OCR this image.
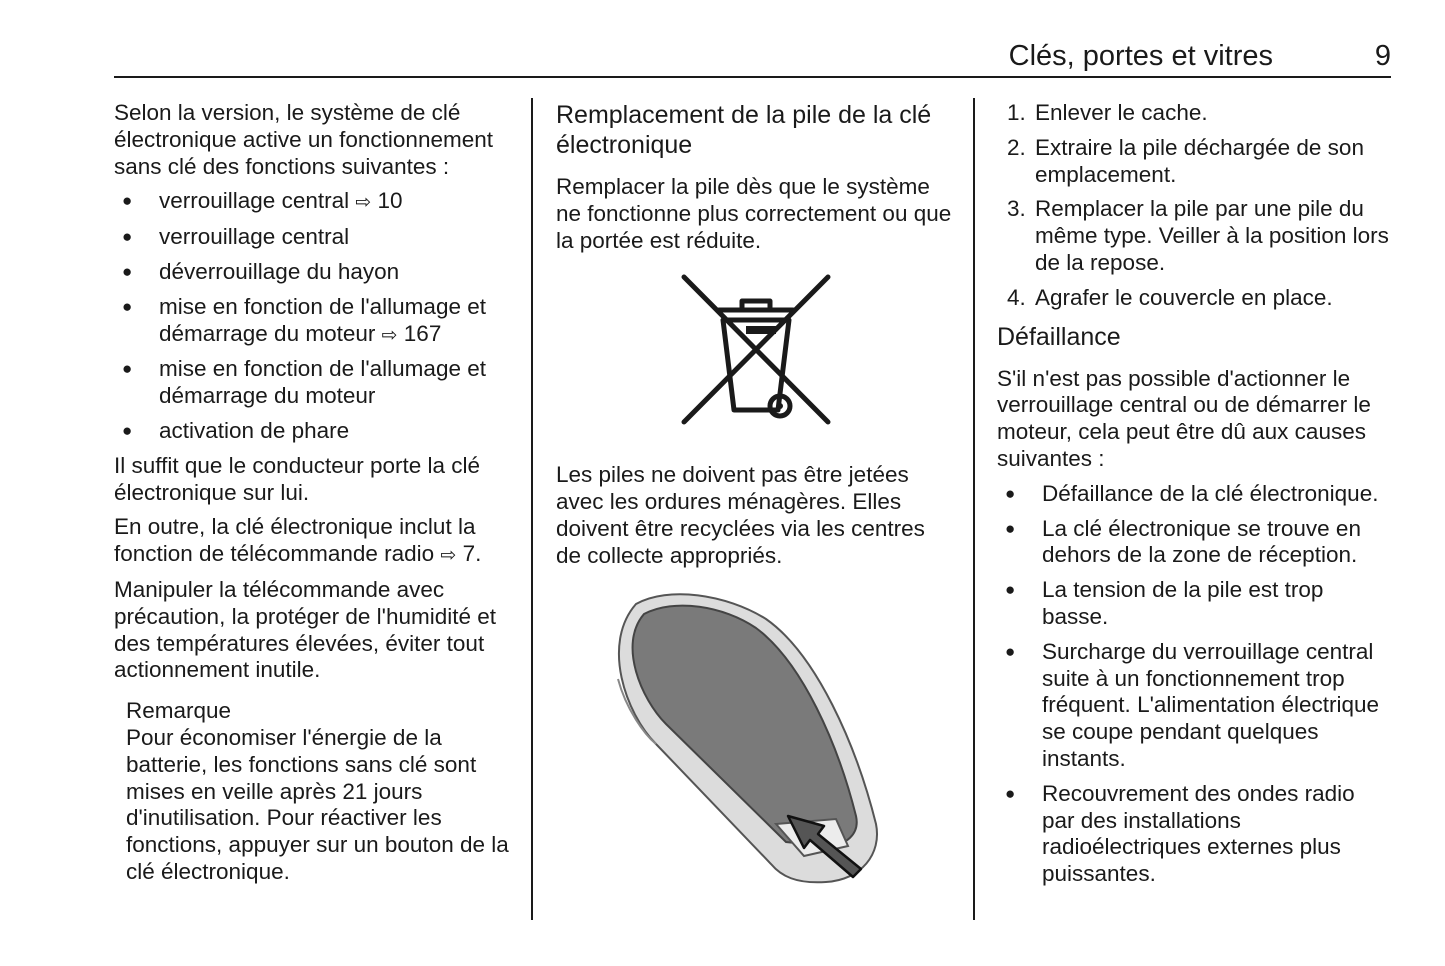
Clés, portes et vitres	9

Selon la version, le système de clé électronique active un fonctionnement sans clé des fonctions suivantes :

● verrouillage central ⇨ 10
● verrouillage central
● déverrouillage du hayon
● mise en fonction de l'allumage et démarrage du moteur ⇨ 167
● mise en fonction de l'allumage et démarrage du moteur
● activation de phare

Il suffit que le conducteur porte la clé électronique sur lui.

En outre, la clé électronique inclut la fonction de télécommande radio ⇨ 7.

Manipuler la télécommande avec précaution, la protéger de l'humidité et des températures élevées, éviter tout actionnement inutile.

Remarque
Pour économiser l'énergie de la batterie, les fonctions sans clé sont mises en veille après 21 jours d'inutilisation. Pour réactiver les fonctions, appuyer sur un bouton de la clé électronique.
Remplacement de la pile de la clé électronique

Remplacer la pile dès que le système ne fonctionne plus correctement ou que la portée est réduite.

Les piles ne doivent pas être jetées avec les ordures ménagères. Elles doivent être recyclées via les centres de collecte appropriés.

1. Enlever le cache.
2. Extraire la pile déchargée de son emplacement.
3. Remplacer la pile par une pile du même type. Veiller à la position lors de la repose.
4. Agrafer le couvercle en place.
Défaillance

S'il n'est pas possible d'actionner le verrouillage central ou de démarrer le moteur, cela peut être dû aux causes suivantes :

● Défaillance de la clé électronique.
● La clé électronique se trouve en dehors de la zone de réception.
● La tension de la pile est trop basse.
● Surcharge du verrouillage central suite à un fonctionnement trop fréquent. L'alimentation électrique se coupe pendant quelques instants.
● Recouvrement des ondes radio par des installations radioélectriques externes plus puissantes.
